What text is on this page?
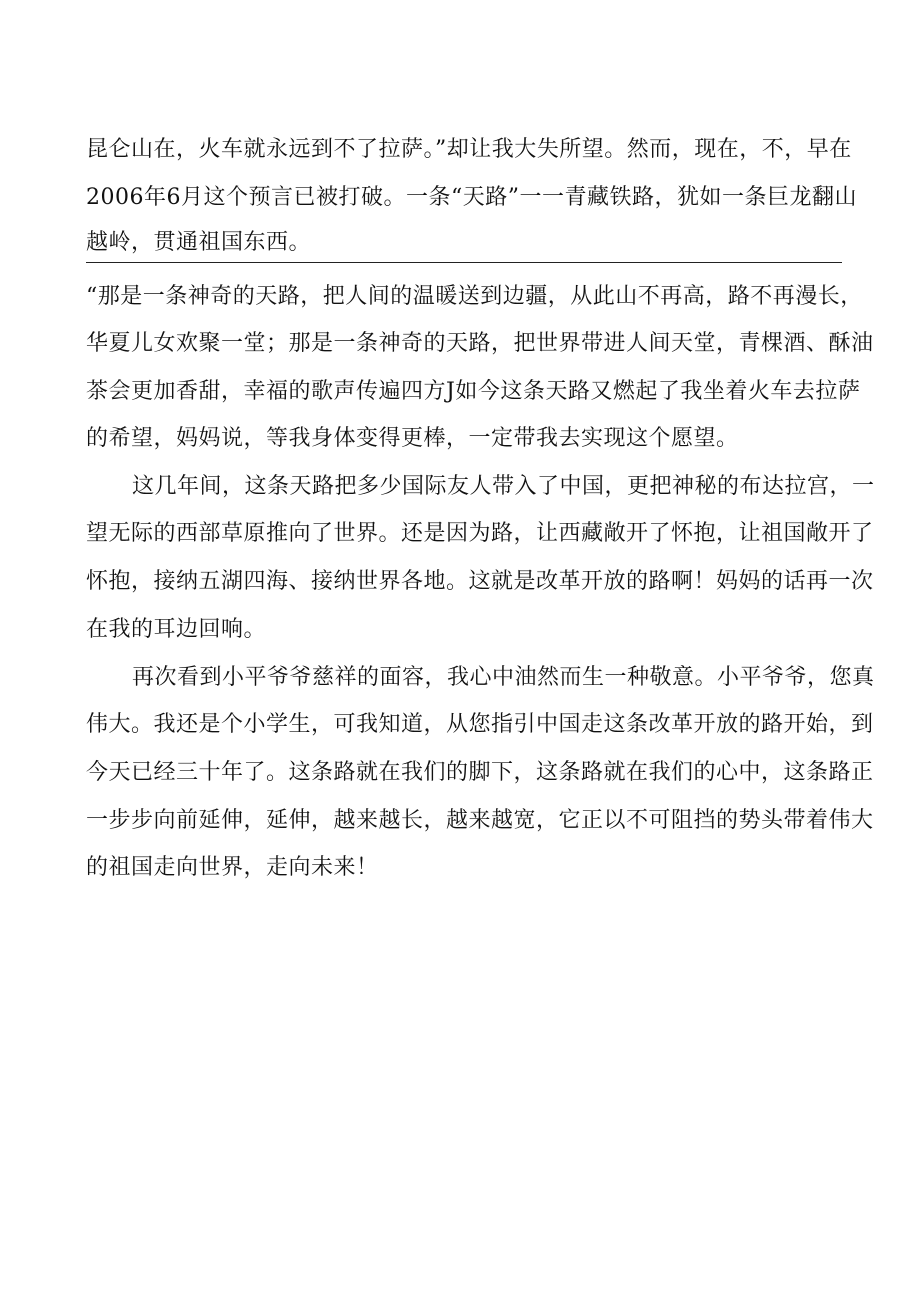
昆仑山在，火车就永远到不了拉萨。”却让我大失所望。然而，现在，不，早在
2006年6月这个预言已被打破。一条“天路”一一青藏铁路，犹如一条巨龙翻山
越岭，贯通祖国东西。
“那是一条神奇的天路，把人间的温暖送到边疆，从此山不再高，路不再漫长，
华夏儿女欢聚一堂；那是一条神奇的天路，把世界带进人间天堂，青棵酒、酥油
茶会更加香甜，幸福的歌声传遍四方J如今这条天路又燃起了我坐着火车去拉萨
的希望，妈妈说，等我身体变得更棒，一定带我去实现这个愿望。
这几年间，这条天路把多少国际友人带入了中国，更把神秘的布达拉宫，一
望无际的西部草原推向了世界。还是因为路，让西藏敞开了怀抱，让祖国敞开了
怀抱，接纳五湖四海、接纳世界各地。这就是改革开放的路啊！妈妈的话再一次
在我的耳边回响。
再次看到小平爷爷慈祥的面容，我心中油然而生一种敬意。小平爷爷，您真
伟大。我还是个小学生，可我知道，从您指引中国走这条改革开放的路开始，到
今天已经三十年了。这条路就在我们的脚下，这条路就在我们的心中，这条路正
一步步向前延伸，延伸，越来越长，越来越宽，它正以不可阻挡的势头带着伟大
的祖国走向世界，走向未来！
